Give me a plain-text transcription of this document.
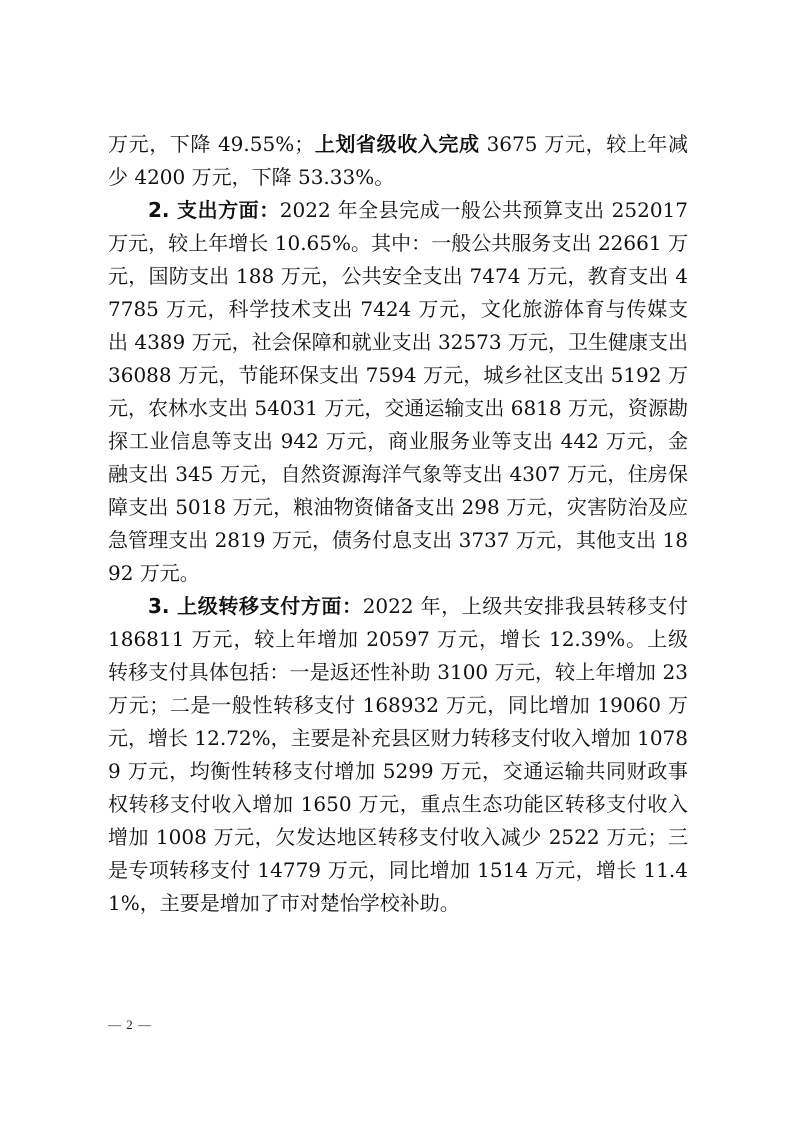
万元，下降 49.55%；上划省级收入完成 3675 万元，较上年减少 4200 万元，下降 53.33%。

2. 支出方面：2022 年全县完成一般公共预算支出 252017 万元，较上年增长 10.65%。其中：一般公共服务支出 22661 万元，国防支出 188 万元，公共安全支出 7474 万元，教育支出 47785 万元，科学技术支出 7424 万元，文化旅游体育与传媒支出 4389 万元，社会保障和就业支出 32573 万元，卫生健康支出 36088 万元，节能环保支出 7594 万元，城乡社区支出 5192 万元，农林水支出 54031 万元，交通运输支出 6818 万元，资源勘探工业信息等支出 942 万元，商业服务业等支出 442 万元，金融支出 345 万元，自然资源海洋气象等支出 4307 万元，住房保障支出 5018 万元，粮油物资储备支出 298 万元，灾害防治及应急管理支出 2819 万元，债务付息支出 3737 万元，其他支出 1892 万元。

3. 上级转移支付方面：2022 年，上级共安排我县转移支付 186811 万元，较上年增加 20597 万元，增长 12.39%。上级转移支付具体包括：一是返还性补助 3100 万元，较上年增加 23 万元；二是一般性转移支付 168932 万元，同比增加 19060 万元，增长 12.72%，主要是补充县区财力转移支付收入增加 10789 万元，均衡性转移支付增加 5299 万元，交通运输共同财政事权转移支付收入增加 1650 万元，重点生态功能区转移支付收入增加 1008 万元，欠发达地区转移支付收入减少 2522 万元；三是专项转移支付 14779 万元，同比增加 1514 万元，增长 11.41%，主要是增加了市对楚怡学校补助。

— 2 —
